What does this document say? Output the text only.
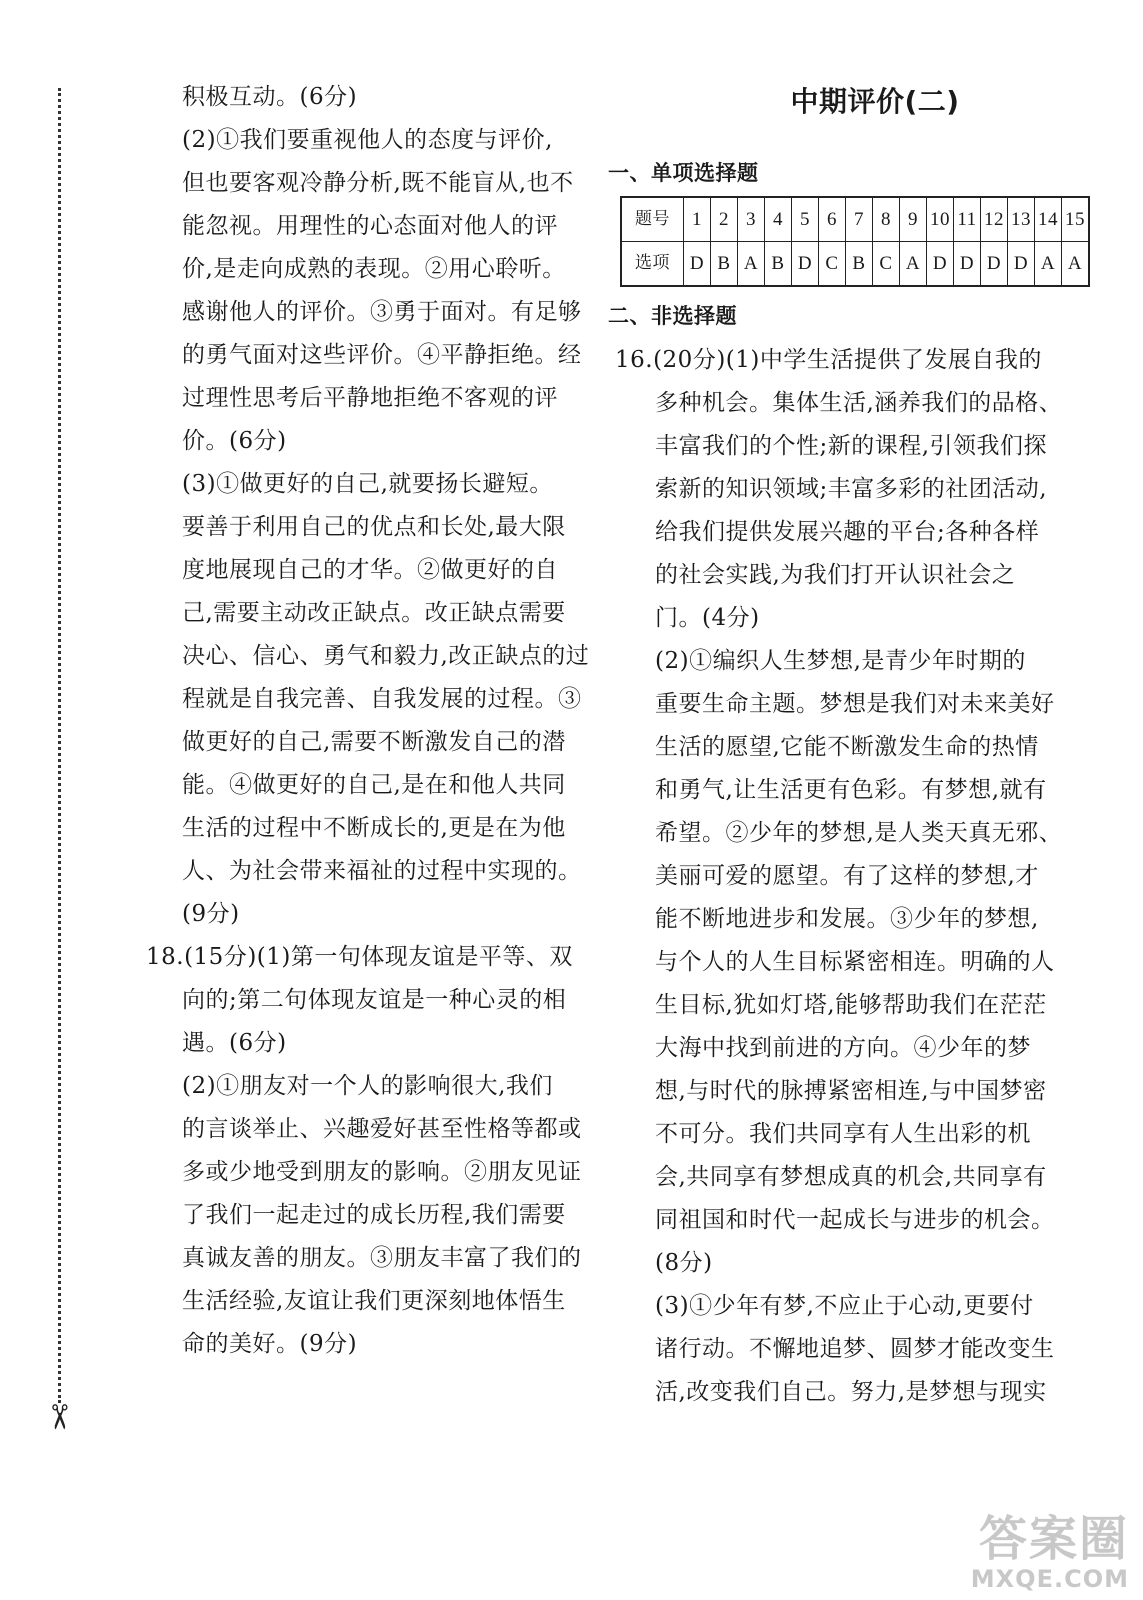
✂

积极互动。(6分)

(2)①我们要重视他人的态度与评价,

但也要客观冷静分析,既不能盲从,也不

能忽视。用理性的心态面对他人的评

价,是走向成熟的表现。②用心聆听。

感谢他人的评价。③勇于面对。有足够

的勇气面对这些评价。④平静拒绝。经

过理性思考后平静地拒绝不客观的评

价。(6分)

(3)①做更好的自己,就要扬长避短。

要善于利用自己的优点和长处,最大限

度地展现自己的才华。②做更好的自

己,需要主动改正缺点。改正缺点需要

决心、信心、勇气和毅力,改正缺点的过

程就是自我完善、自我发展的过程。③

做更好的自己,需要不断激发自己的潜

能。④做更好的自己,是在和他人共同

生活的过程中不断成长的,更是在为他

人、为社会带来福祉的过程中实现的。

(9分)

18.(15分)(1)第一句体现友谊是平等、双

向的;第二句体现友谊是一种心灵的相

遇。(6分)

(2)①朋友对一个人的影响很大,我们

的言谈举止、兴趣爱好甚至性格等都或

多或少地受到朋友的影响。②朋友见证

了我们一起走过的成长历程,我们需要

真诚友善的朋友。③朋友丰富了我们的

生活经验,友谊让我们更深刻地体悟生

命的美好。(9分)

中期评价(二)
一、单项选择题
题号	1	2	3	4	5	6	7	8	9	10	11	12	13	14	15
选项	D	B	A	B	D	C	B	C	A	D	D	D	D	A	A
二、非选择题

16.(20分)(1)中学生活提供了发展自我的

多种机会。集体生活,涵养我们的品格、

丰富我们的个性;新的课程,引领我们探

索新的知识领域;丰富多彩的社团活动,

给我们提供发展兴趣的平台;各种各样

的社会实践,为我们打开认识社会之

门。(4分)

(2)①编织人生梦想,是青少年时期的

重要生命主题。梦想是我们对未来美好

生活的愿望,它能不断激发生命的热情

和勇气,让生活更有色彩。有梦想,就有

希望。②少年的梦想,是人类天真无邪、

美丽可爱的愿望。有了这样的梦想,才

能不断地进步和发展。③少年的梦想,

与个人的人生目标紧密相连。明确的人

生目标,犹如灯塔,能够帮助我们在茫茫

大海中找到前进的方向。④少年的梦

想,与时代的脉搏紧密相连,与中国梦密

不可分。我们共同享有人生出彩的机

会,共同享有梦想成真的机会,共同享有

同祖国和时代一起成长与进步的机会。

(8分)

(3)①少年有梦,不应止于心动,更要付

诸行动。不懈地追梦、圆梦才能改变生

活,改变我们自己。努力,是梦想与现实

答案圈
MXQE.COM
